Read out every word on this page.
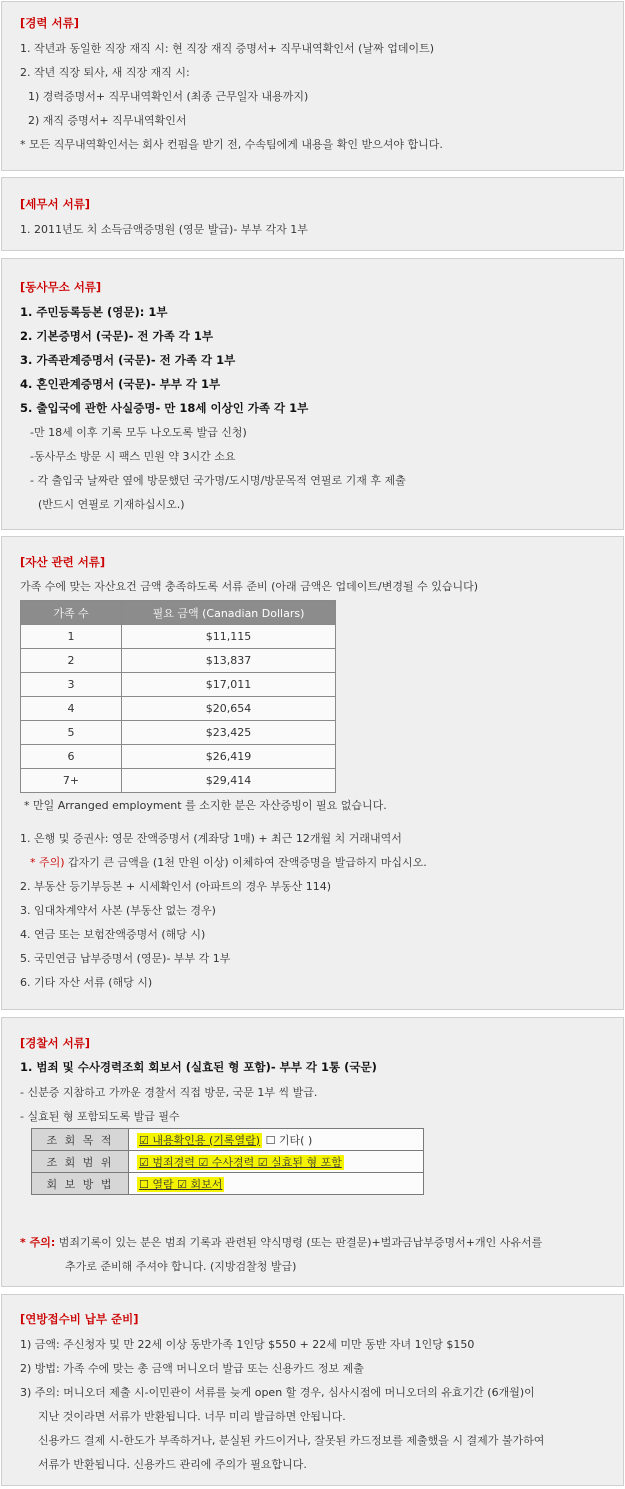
[경력 서류]
1. 작년과 동일한 직장 재직 시: 현 직장 재직 증명서+ 직무내역확인서 (날짜 업데이트)
2. 작년 직장 퇴사, 새 직장 재직 시:
1) 경력증명서+ 직무내역확인서 (최종 근무일자 내용까지)
2) 재직 증명서+ 직무내역확인서
* 모든 직무내역확인서는 회사 컨펌을 받기 전, 수속팀에게 내용을 확인 받으셔야 합니다.
[세무서 서류]
1. 2011년도 치 소득금액증명원 (영문 발급)- 부부 각자 1부
[동사무소 서류]
1. 주민등록등본 (영문): 1부
2. 기본증명서 (국문)- 전 가족 각 1부
3. 가족관계증명서 (국문)- 전 가족 각 1부
4. 혼인관계증명서 (국문)- 부부 각 1부
5. 출입국에 관한 사실증명- 만 18세 이상인 가족 각 1부
-만 18세 이후 기록 모두 나오도록 발급 신청)
-동사무소 방문 시 팩스 민원 약 3시간 소요
- 각 출입국 날짜란 옆에 방문했던 국가명/도시명/방문목적 연필로 기재 후 제출
(반드시 연필로 기재하십시오.)
[자산 관련 서류]
가족 수에 맞는 자산요건 금액 충족하도록 서류 준비 (아래 금액은 업데이트/변경될 수 있습니다)
가족 수	필요 금액 (Canadian Dollars)
1	$11,115
2	$13,837
3	$17,011
4	$20,654
5	$23,425
6	$26,419
7+	$29,414
* 만일 Arranged employment 를 소지한 분은 자산증빙이 필요 없습니다.
1. 은행 및 증권사: 영문 잔액증명서 (계좌당 1매) + 최근 12개월 치 거래내역서
* 주의) 갑자기 큰 금액을 (1천 만원 이상) 이체하여 잔액증명을 발급하지 마십시오.
2. 부동산 등기부등본 + 시세확인서 (아파트의 경우 부동산 114)
3. 임대차계약서 사본 (부동산 없는 경우)
4. 연금 또는 보험잔액증명서 (해당 시)
5. 국민연금 납부증명서 (영문)- 부부 각 1부
6. 기타 자산 서류 (해당 시)
[경찰서 서류]
1. 범죄 및 수사경력조회 회보서 (실효된 형 포함)- 부부 각 1통 (국문)
- 신분증 지참하고 가까운 경찰서 직접 방문, 국문 1부 씩 발급.
- 실효된 형 포함되도록 발급 필수
조 회 목 적	☑ 내용확인용 (기록열람) ☐ 기타( )
조 회 범 위	☑ 범죄경력 ☑ 수사경력 ☑ 실효된 형 포함
회 보 방 법	☐ 열람 ☑ 회보서
* 주의: 범죄기록이 있는 분은 범죄 기록과 관련된 약식명령 (또는 판결문)+벌과금납부증명서+개인 사유서를
추가로 준비해 주셔야 합니다. (지방검찰청 발급)
[연방접수비 납부 준비]
1) 금액: 주신청자 및 만 22세 이상 동반가족 1인당 $550 + 22세 미만 동반 자녀 1인당 $150
2) 방법: 가족 수에 맞는 총 금액 머니오더 발급 또는 신용카드 정보 제출
3) 주의: 머니오더 제출 시-이민관이 서류를 늦게 open 할 경우, 심사시점에 머니오더의 유효기간 (6개월)이
지난 것이라면 서류가 반환됩니다. 너무 미리 발급하면 안됩니다.
신용카드 결제 시-한도가 부족하거나, 분실된 카드이거나, 잘못된 카드정보를 제출했을 시 결제가 불가하여
서류가 반환됩니다. 신용카드 관리에 주의가 필요합니다.
